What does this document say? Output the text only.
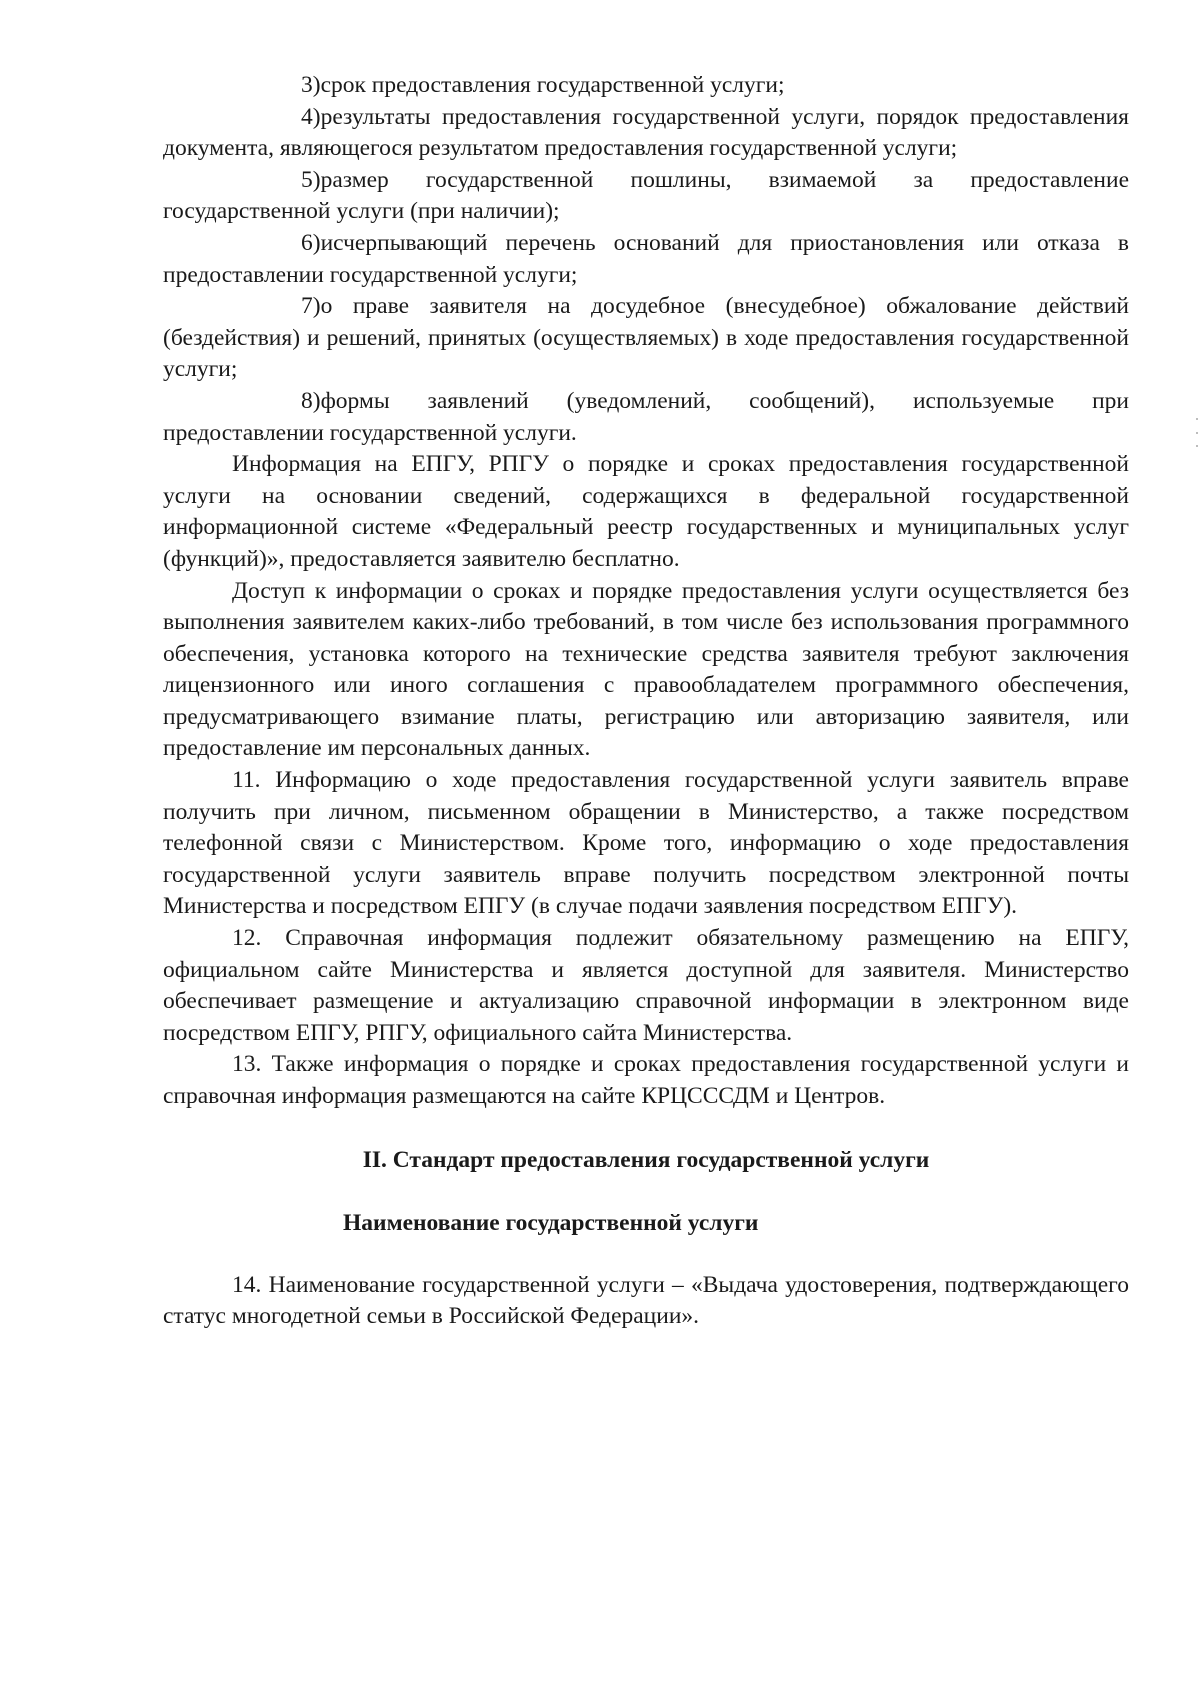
3)срок предоставления государственной услуги;

4)результаты предоставления государственной услуги, порядок предоставления документа, являющегося результатом предоставления государственной услуги;

5)размер государственной пошлины, взимаемой за предоставление государственной услуги (при наличии);

6)исчерпывающий перечень оснований для приостановления или отказа в предоставлении государственной услуги;

7)о праве заявителя на досудебное (внесудебное) обжалование действий (бездействия) и решений, принятых (осуществляемых) в ходе предоставления государственной услуги;

8)формы заявлений (уведомлений, сообщений), используемые при предоставлении государственной услуги.

Информация на ЕПГУ, РПГУ о порядке и сроках предоставления государственной услуги на основании сведений, содержащихся в федеральной государственной информационной системе «Федеральный реестр государственных и муниципальных услуг (функций)», предоставляется заявителю бесплатно.

Доступ к информации о сроках и порядке предоставления услуги осуществляется без выполнения заявителем каких-либо требований, в том числе без использования программного обеспечения, установка которого на технические средства заявителя требуют заключения лицензионного или иного соглашения с правообладателем программного обеспечения, предусматривающего взимание платы, регистрацию или авторизацию заявителя, или предоставление им персональных данных.

11. Информацию о ходе предоставления государственной услуги заявитель вправе получить при личном, письменном обращении в Министерство, а также посредством телефонной связи с Министерством. Кроме того, информацию о ходе предоставления государственной услуги заявитель вправе получить посредством электронной почты Министерства и посредством ЕПГУ (в случае подачи заявления посредством ЕПГУ).

12. Справочная информация подлежит обязательному размещению на ЕПГУ, официальном сайте Министерства и является доступной для заявителя. Министерство обеспечивает размещение и актуализацию справочной информации в электронном виде посредством ЕПГУ, РПГУ, официального сайта Министерства.

13. Также информация о порядке и сроках предоставления государственной услуги и справочная информация размещаются на сайте КРЦСССДМ и Центров.

II. Стандарт предоставления государственной услуги

Наименование государственной услуги

14. Наименование государственной услуги – «Выдача удостоверения, подтверждающего статус многодетной семьи в Российской Федерации».
